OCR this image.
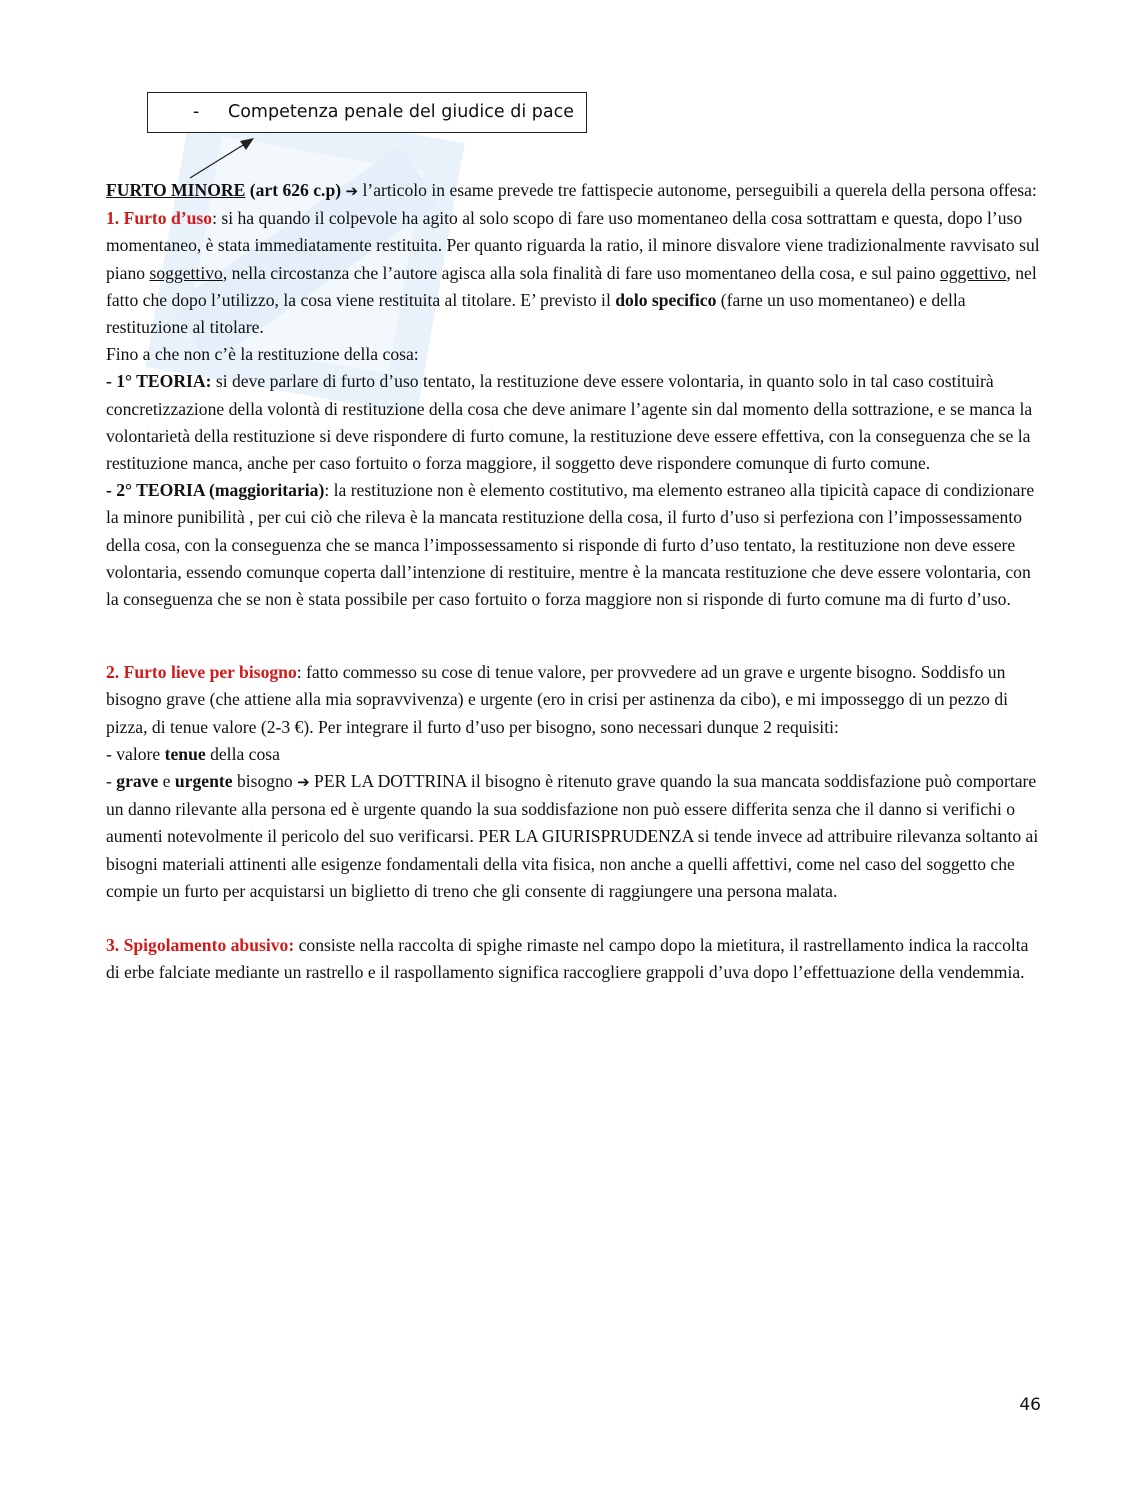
- Competenza penale del giudice di pace

FURTO MINORE (art 626 c.p) ➔ l’articolo in esame prevede tre fattispecie autonome, perseguibili a querela della persona offesa:

1. Furto d’uso: si ha quando il colpevole ha agito al solo scopo di fare uso momentaneo della cosa sottrattam e questa, dopo l’uso momentaneo, è stata immediatamente restituita. Per quanto riguarda la ratio, il minore disvalore viene tradizionalmente ravvisato sul piano soggettivo, nella circostanza che l’autore agisca alla sola finalità di fare uso momentaneo della cosa, e sul paino oggettivo, nel fatto che dopo l’utilizzo, la cosa viene restituita al titolare. E’ previsto il dolo specifico (farne un uso momentaneo) e della restituzione al titolare.

Fino a che non c’è la restituzione della cosa:

- 1° TEORIA: si deve parlare di furto d’uso tentato, la restituzione deve essere volontaria, in quanto solo in tal caso costituirà concretizzazione della volontà di restituzione della cosa che deve animare l’agente sin dal momento della sottrazione, e se manca la volontarietà della restituzione si deve rispondere di furto comune, la restituzione deve essere effettiva, con la conseguenza che se la restituzione manca, anche per caso fortuito o forza maggiore, il soggetto deve rispondere comunque di furto comune.

- 2° TEORIA (maggioritaria): la restituzione non è elemento costitutivo, ma elemento estraneo alla tipicità capace di condizionare la minore punibilità , per cui ciò che rileva è la mancata restituzione della cosa, il furto d’uso si perfeziona con l’impossessamento della cosa, con la conseguenza che se manca l’impossessamento si risponde di furto d’uso tentato, la restituzione non deve essere volontaria, essendo comunque coperta dall’intenzione di restituire, mentre è la mancata restituzione che deve essere volontaria, con la conseguenza che se non è stata possibile per caso fortuito o forza maggiore non si risponde di furto comune ma di furto d’uso.

2. Furto lieve per bisogno: fatto commesso su cose di tenue valore, per provvedere ad un grave e urgente bisogno. Soddisfo un bisogno grave (che attiene alla mia sopravvivenza) e urgente (ero in crisi per astinenza da cibo), e mi impossеggo di un pezzo di pizza, di tenue valore (2-3 €). Per integrare il furto d’uso per bisogno, sono necessari dunque 2 requisiti:

- valore tenue della cosa

- grave e urgente bisogno ➔ PER LA DOTTRINA il bisogno è ritenuto grave quando la sua mancata soddisfazione può comportare un danno rilevante alla persona ed è urgente quando la sua soddisfazione non può essere differita senza che il danno si verifichi o aumenti notevolmente il pericolo del suo verificarsi. PER LA GIURISPRUDENZA si tende invece ad attribuire rilevanza soltanto ai bisogni materiali attinenti alle esigenze fondamentali della vita fisica, non anche a quelli affettivi, come nel caso del soggetto che compie un furto per acquistarsi un biglietto di treno che gli consente di raggiungere una persona malata.

3. Spigolamento abusivo: consiste nella raccolta di spighe rimaste nel campo dopo la mietitura, il rastrellamento indica la raccolta di erbe falciate mediante un rastrello e il raspollamento significa raccogliere grappoli d’uva dopo l’effettuazione della vendemmia.

46
